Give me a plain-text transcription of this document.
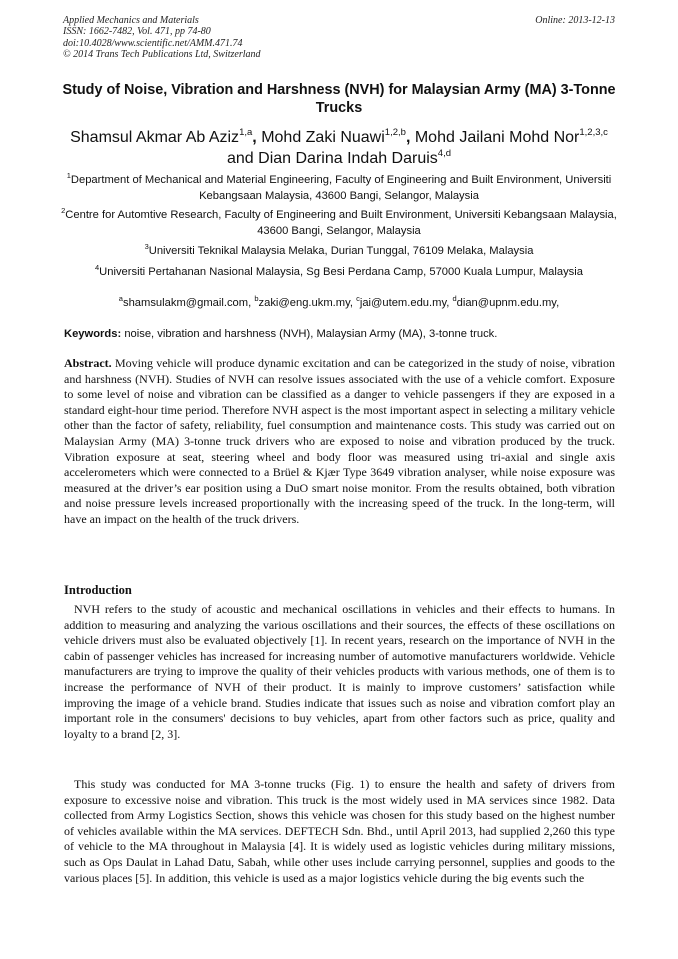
Applied Mechanics and Materials
ISSN: 1662-7482, Vol. 471, pp 74-80
doi:10.4028/www.scientific.net/AMM.471.74
© 2014 Trans Tech Publications Ltd, Switzerland
Online: 2013-12-13
Study of Noise, Vibration and Harshness (NVH) for Malaysian Army (MA) 3-Tonne Trucks
Shamsul Akmar Ab Aziz$^{1,a}$, Mohd Zaki Nuawi$^{1,2,b}$, Mohd Jailani Mohd Nor$^{1,2,3,c}$
and Dian Darina Indah Daruis$^{4,d}$
$^1$Department of Mechanical and Material Engineering, Faculty of Engineering and Built Environment, Universiti Kebangsaan Malaysia, 43600 Bangi, Selangor, Malaysia
$^2$Centre for Automtive Research, Faculty of Engineering and Built Environment, Universiti Kebangsaan Malaysia, 43600 Bangi, Selangor, Malaysia
$^3$Universiti Teknikal Malaysia Melaka, Durian Tunggal, 76109 Melaka, Malaysia
$^4$Universiti Pertahanan Nasional Malaysia, Sg Besi Perdana Camp, 57000 Kuala Lumpur, Malaysia
$^a$shamsulakm@gmail.com, $^b$zaki@eng.ukm.my, $^c$jai@utem.edu.my, $^d$dian@upnm.edu.my,
Keywords: noise, vibration and harshness (NVH), Malaysian Army (MA), 3-tonne truck.

Abstract. Moving vehicle will produce dynamic excitation and can be categorized in the study of noise, vibration and harshness (NVH). Studies of NVH can resolve issues associated with the use of a vehicle comfort. Exposure to some level of noise and vibration can be classified as a danger to vehicle passengers if they are exposed in a standard eight-hour time period. Therefore NVH aspect is the most important aspect in selecting a military vehicle other than the factor of safety, reliability, fuel consumption and maintenance costs. This study was carried out on Malaysian Army (MA) 3-tonne truck drivers who are exposed to noise and vibration produced by the truck. Vibration exposure at seat, steering wheel and body floor was measured using tri-axial and single axis accelerometers which were connected to a Brüel & Kjær Type 3649 vibration analyser, while noise exposure was measured at the driver’s ear position using a DuO smart noise monitor. From the results obtained, both vibration and noise pressure levels increased proportionally with the increasing speed of the truck. In the long-term, will have an impact on the health of the truck drivers.

Introduction

NVH refers to the study of acoustic and mechanical oscillations in vehicles and their effects to humans. In addition to measuring and analyzing the various oscillations and their sources, the effects of these oscillations on vehicle drivers must also be evaluated objectively [1]. In recent years, research on the importance of NVH in the cabin of passenger vehicles has increased for increasing number of automotive manufacturers worldwide. Vehicle manufacturers are trying to improve the quality of their vehicles products with various methods, one of them is to increase the performance of NVH of their product. It is mainly to improve customers’ satisfaction while improving the image of a vehicle brand. Studies indicate that issues such as noise and vibration comfort play an important role in the consumers' decisions to buy vehicles, apart from other factors such as price, quality and loyalty to a brand [2, 3].

This study was conducted for MA 3-tonne trucks (Fig. 1) to ensure the health and safety of drivers from exposure to excessive noise and vibration. This truck is the most widely used in MA services since 1982. Data collected from Army Logistics Section, shows this vehicle was chosen for this study based on the highest number of vehicles available within the MA services. DEFTECH Sdn. Bhd., until April 2013, had supplied 2,260 this type of vehicle to the MA throughout in Malaysia [4]. It is widely used as logistic vehicles during military missions, such as Ops Daulat in Lahad Datu, Sabah, while other uses include carrying personnel, supplies and goods to the various places [5]. In addition, this vehicle is used as a major logistics vehicle during the big events such the
